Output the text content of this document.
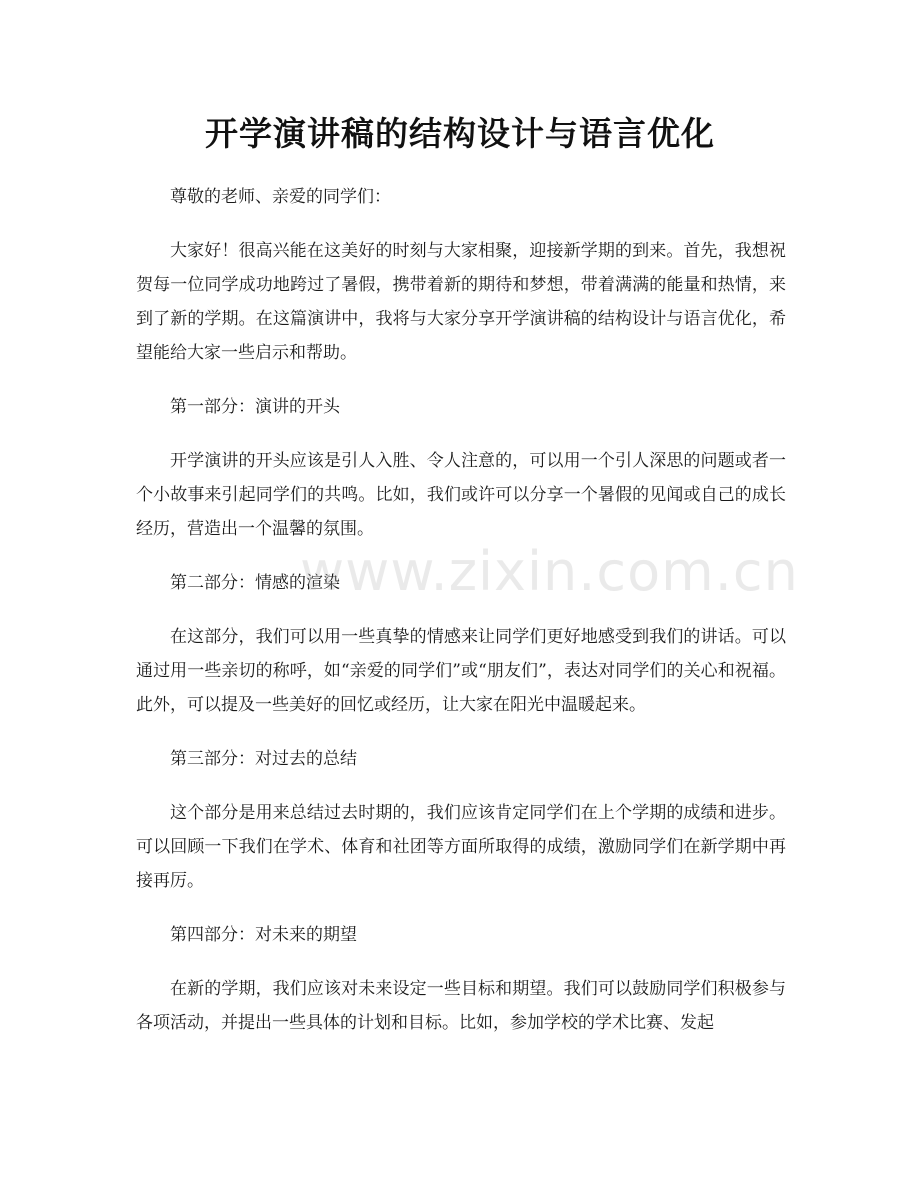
开学演讲稿的结构设计与语言优化

尊敬的老师、亲爱的同学们：

大家好！很高兴能在这美好的时刻与大家相聚，迎接新学期的到来。首先，我想祝贺每一位同学成功地跨过了暑假，携带着新的期待和梦想，带着满满的能量和热情，来到了新的学期。在这篇演讲中，我将与大家分享开学演讲稿的结构设计与语言优化，希望能给大家一些启示和帮助。

第一部分：演讲的开头

开学演讲的开头应该是引人入胜、令人注意的，可以用一个引人深思的问题或者一个小故事来引起同学们的共鸣。比如，我们或许可以分享一个暑假的见闻或自己的成长经历，营造出一个温馨的氛围。

第二部分：情感的渲染

在这部分，我们可以用一些真挚的情感来让同学们更好地感受到我们的讲话。可以通过用一些亲切的称呼，如“亲爱的同学们”或“朋友们”，表达对同学们的关心和祝福。此外，可以提及一些美好的回忆或经历，让大家在阳光中温暖起来。

第三部分：对过去的总结

这个部分是用来总结过去时期的，我们应该肯定同学们在上个学期的成绩和进步。可以回顾一下我们在学术、体育和社团等方面所取得的成绩，激励同学们在新学期中再接再厉。

第四部分：对未来的期望

在新的学期，我们应该对未来设定一些目标和期望。我们可以鼓励同学们积极参与各项活动，并提出一些具体的计划和目标。比如，参加学校的学术比赛、发起

www.zixin.com.cn
